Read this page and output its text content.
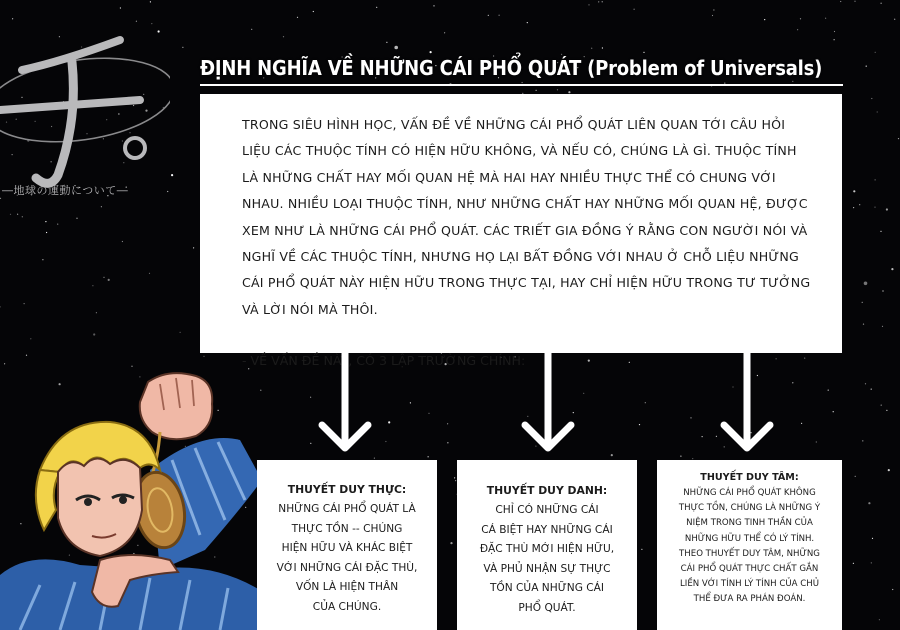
―地球の運動について―
ĐỊNH NGHĨA VỀ NHỮNG CÁI PHỔ QUÁT (Problem of Universals)

TRONG SIÊU HÌNH HỌC, VẤN ĐỀ VỀ NHỮNG CÁI PHỔ QUÁT LIÊN QUAN TỚI CÂU HỎI LIỆU CÁC THUỘC TÍNH CÓ HIỆN HỮU KHÔNG, VÀ NẾU CÓ, CHÚNG LÀ GÌ. THUỘC TÍNH LÀ NHỮNG CHẤT HAY MỐI QUAN HỆ MÀ HAI HAY NHIỀU THỰC THỂ CÓ CHUNG VỚI NHAU. NHIỀU LOẠI THUỘC TÍNH, NHƯ NHỮNG CHẤT HAY NHỮNG MỐI QUAN HỆ, ĐƯỢC XEM NHƯ LÀ NHỮNG CÁI PHỔ QUÁT. CÁC TRIẾT GIA ĐỒNG Ý RẰNG CON NGƯỜI NÓI VÀ NGHĨ VỀ CÁC THUỘC TÍNH, NHƯNG HỌ LẠI BẤT ĐỒNG VỚI NHAU Ở CHỖ LIỆU NHỮNG CÁI PHỔ QUÁT NÀY HIỆN HỮU TRONG THỰC TẠI, HAY CHỈ HIỆN HỮU TRONG TƯ TƯỞNG VÀ LỜI NÓI MÀ THÔI.

- VỀ VẤN ĐỀ NÀY, CÓ 3 LẬP TRƯỜNG CHÍNH:

THUYẾT DUY THỰC:
NHỮNG CÁI PHỔ QUÁT LÀ
THỰC TỒN -- CHÚNG
HIỆN HỮU VÀ KHÁC BIỆT
VỚI NHỮNG CÁI ĐẶC THÙ,
VỐN LÀ HIỆN THÂN
CỦA CHÚNG.
THUYẾT DUY DANH:
CHỈ CÓ NHỮNG CÁI
CÁ BIỆT HAY NHỮNG CÁI
ĐẶC THÙ MỚI HIỆN HỮU,
VÀ PHỦ NHẬN SỰ THỰC
TỒN CỦA NHỮNG CÁI
PHỔ QUÁT.
THUYẾT DUY TÂM:
NHỮNG CÁI PHỔ QUÁT KHÔNG
THỰC TỒN, CHÚNG LÀ NHỮNG Ý
NIỆM TRONG TINH THẦN CỦA
NHỮNG HỮU THỂ CÓ LÝ TÍNH.
THEO THUYẾT DUY TÂM, NHỮNG
CÁI PHỔ QUÁT THỰC CHẤT GẮN
LIỀN VỚI TÍNH LÝ TÍNH CỦA CHỦ
THỂ ĐƯA RA PHÁN ĐOÁN.
